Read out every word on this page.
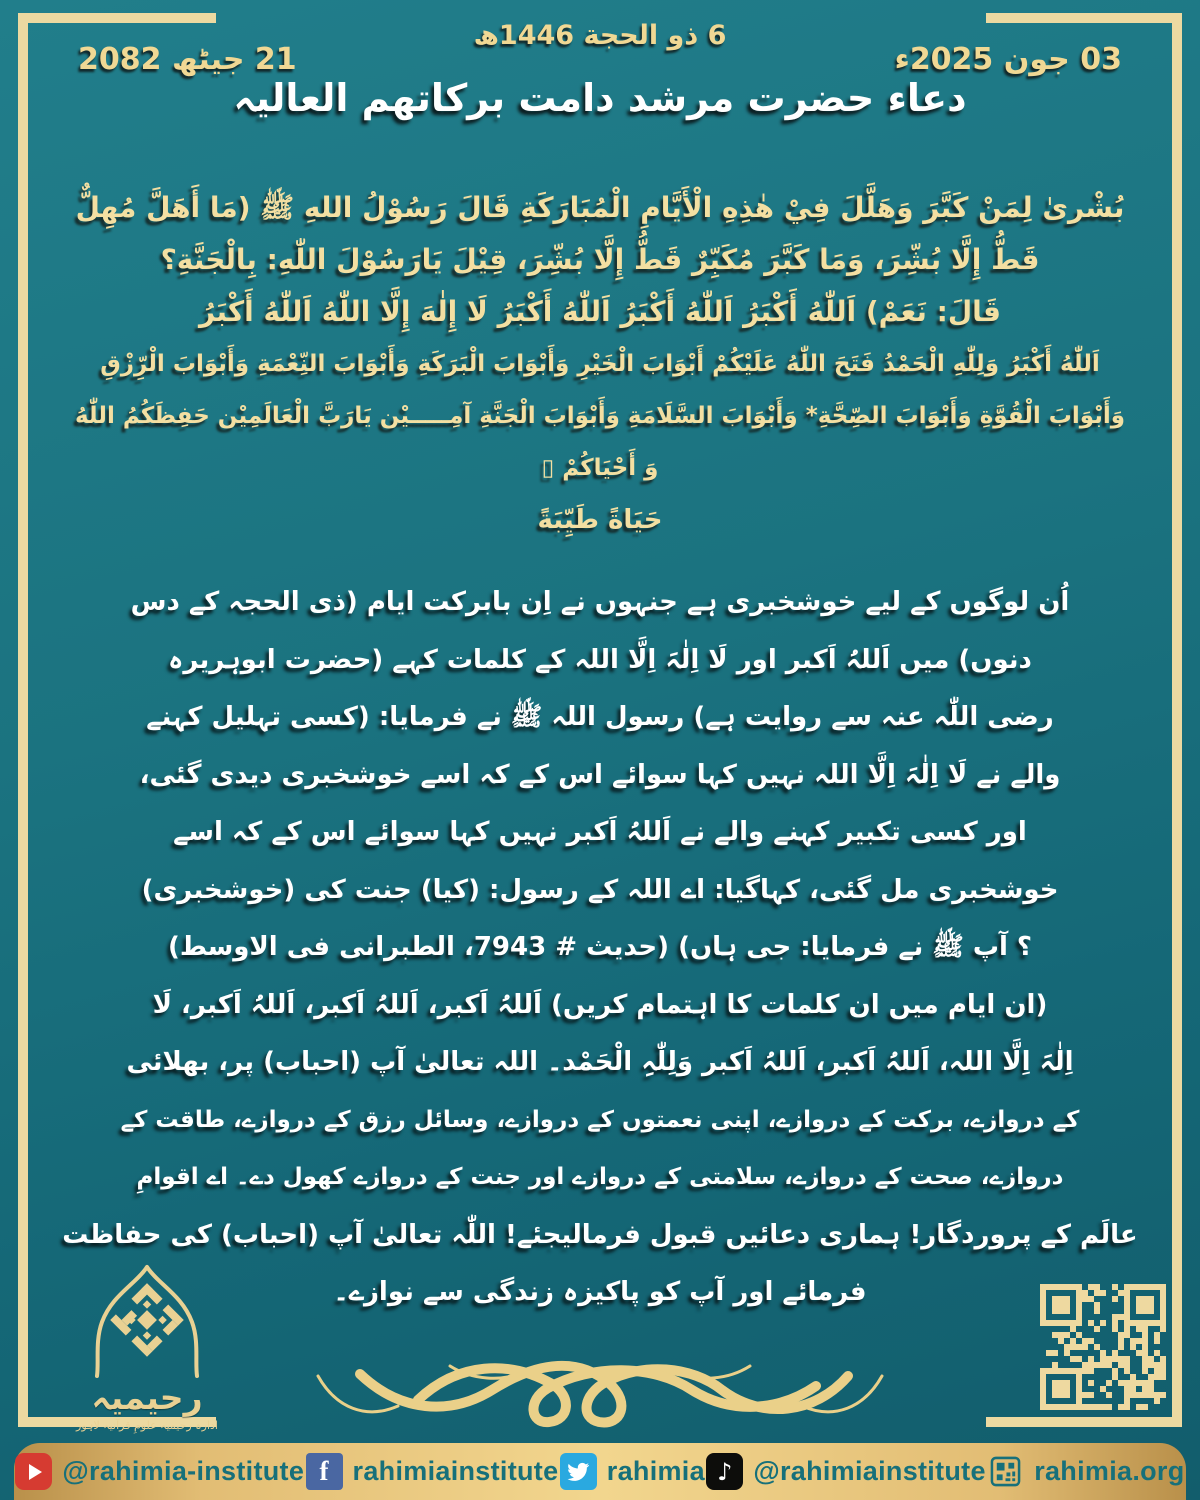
6 ذو الحجة 1446ھ
03 جون 2025ء
21 جیٹھ 2082
دعاء حضرت مرشد دامت برکاتهم العالیہ
بُشْرىٰ لِمَنْ كَبَّرَ وَهَلَّلَ فِيْ هٰذِهِ الْأَيَّامِ الْمُبَارَكَةِ قَالَ رَسُوْلُ اللهِ ﷺ (مَا أَهَلَّ مُهِلٌّ
قَطُّ إِلَّا بُشِّرَ، وَمَا كَبَّرَ مُكَبِّرٌ قَطُّ إِلَّا بُشِّرَ، قِيْلَ يَارَسُوْلَ اللّٰهِ: بِالْجَنَّةِ؟
قَالَ: نَعَمْ) اَللّٰهُ أَكْبَرُ اَللّٰهُ أَكْبَرُ اَللّٰهُ أَكْبَرُ لَا إِلٰهَ إِلَّا اللّٰهُ اَللّٰهُ أَكْبَرُ
اَللّٰهُ أَكْبَرُ وَلِلّٰهِ الْحَمْدُ فَتَحَ اللّٰهُ عَلَيْكُمْ أَبْوَابَ الْخَيْرِ وَأَبْوَابَ الْبَرَكَةِ وَأَبْوَابَ النِّعْمَةِ وَأَبْوَابَ الْرِّزْقِ
وَأَبْوَابَ الْقُوَّةِ وَأَبْوَابَ الصِّحَّةِ* وَأَبْوَابَ السَّلَامَةِ وَأَبْوَابَ الْجَنَّةِ آمِـــــيْن يَارَبَّ الْعَالَمِيْن حَفِظَكُمُ اللّٰهُ وَ أَحْيَاكُمْ ▯
حَيَاةً طَيِّبَةً
اُن لوگوں کے لیے خوشخبری ہے جنہوں نے اِن بابرکت ایام (ذی الحجہ کے دس
دنوں) میں اَللہُ اَکبر اور لَا اِلٰہَ اِلَّا اللہ کے کلمات کہے (حضرت ابوہریرہ
رضی اللّٰہ عنہ سے روایت ہے) رسول اللہ ﷺ نے فرمایا: (کسی تہلیل کہنے
والے نے لَا اِلٰہَ اِلَّا اللہ نہیں کہا سوائے اس کے کہ اسے خوشخبری دیدی گئی،
اور کسی تکبیر کہنے والے نے اَللہُ اَکبر نہیں کہا سوائے اس کے کہ اسے
خوشخبری مل گئی، کہاگیا: اے اللہ کے رسول: (کیا) جنت کی (خوشخبری)
؟ آپ ﷺ نے فرمایا: جی ہاں) (حدیث # 7943، الطبرانی فی الاوسط)
(ان ایام میں ان کلمات کا اہتمام کریں) اَللہُ اَکبر، اَللہُ اَکبر، اَللہُ اَکبر، لَا
اِلٰہَ اِلَّا اللہ، اَللہُ اَکبر، اَللہُ اَکبر وَلِلّٰہِ الْحَمْد۔ اللہ تعالیٰ آپ (احباب) پر، بھلائی
کے دروازے، برکت کے دروازے، اپنی نعمتوں کے دروازے، وسائل رزق کے دروازے، طاقت کے
دروازے، صحت کے دروازے، سلامتی کے دروازے اور جنت کے دروازے کھول دے۔ اے اقوامِ
عالَم کے پروردگار! ہماری دعائیں قبول فرمالیجئے! اللّٰہ تعالیٰ آپ (احباب) کی حفاظت
فرمائے اور آپ کو پاکیزہ زندگی سے نوازے۔
رحیمیہ
ادارہ رحیمیہ علومِ قرآنیہ لاہور
@rahimia-institute f rahimiainstitute rahimia ♪ @rahimiainstitute rahimia.org
